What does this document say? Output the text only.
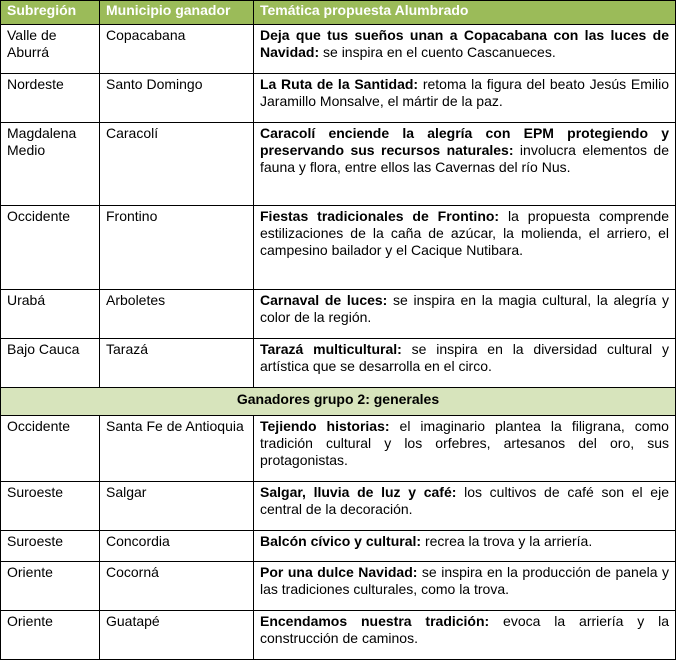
Subregión	Municipio ganador	Temática propuesta Alumbrado
Valle de Aburrá	Copacabana	Deja que tus sueños unan a Copacabana con las luces de Navidad: se inspira en el cuento Cascanueces.
Nordeste	Santo Domingo	La Ruta de la Santidad: retoma la figura del beato Jesús Emilio Jaramillo Monsalve, el mártir de la paz.
Magdalena Medio	Caracolí	Caracolí enciende la alegría con EPM protegiendo y preservando sus recursos naturales: involucra elementos de fauna y flora, entre ellos las Cavernas del río Nus.
Occidente	Frontino	Fiestas tradicionales de Frontino: la propuesta comprende estilizaciones de la caña de azúcar, la molienda, el arriero, el campesino bailador y el Cacique Nutibara.
Urabá	Arboletes	Carnaval de luces: se inspira en la magia cultural, la alegría y color de la región.
Bajo Cauca	Tarazá	Tarazá multicultural: se inspira en la diversidad cultural y artística que se desarrolla en el circo.
Ganadores grupo 2: generales		
Occidente	Santa Fe de Antioquia	Tejiendo historias: el imaginario plantea la filigrana, como tradición cultural y los orfebres, artesanos del oro, sus protagonistas.
Suroeste	Salgar	Salgar, lluvia de luz y café: los cultivos de café son el eje central de la decoración.
Suroeste	Concordia	Balcón cívico y cultural: recrea la trova y la arriería.
Oriente	Cocorná	Por una dulce Navidad: se inspira en la producción de panela y las tradiciones culturales, como la trova.
Oriente	Guatapé	Encendamos nuestra tradición: evoca la arriería y la construcción de caminos.
